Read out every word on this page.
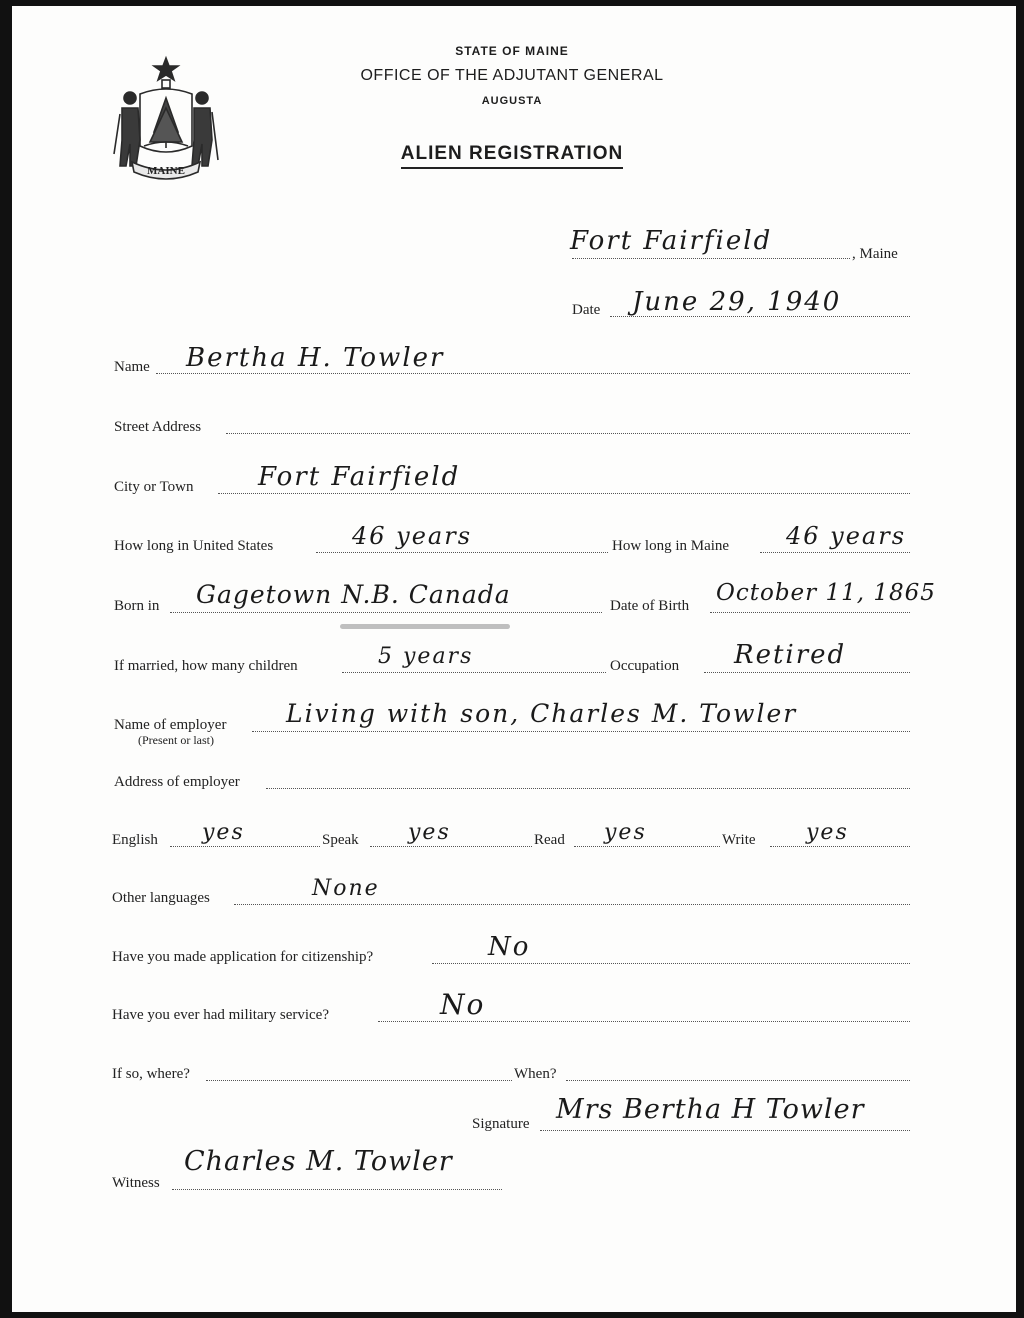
MAINE
STATE OF MAINE
OFFICE OF THE ADJUTANT GENERAL
AUGUSTA
ALIEN REGISTRATION
Fort Fairfield	, Maine
Date June 29, 1940
Name Bertha H. Towler
Street Address
City or Town Fort Fairfield
How long in United States	46 years	How long in Maine 46 years
Born in Gagetown N.B. Canada	Date of Birth October 11, 1865
If married, how many children	5 years	Occupation Retired
Name of employer
(Present or last)
Living with son, Charles M. Towler
Address of employer
English yes	Speak yes	Read yes	Write yes
Other languages	None
Have you made application for citizenship?	No
Have you ever had military service?	No
If so, where?	When?
Signature Mrs Bertha H Towler
Witness
Charles M. Towler
